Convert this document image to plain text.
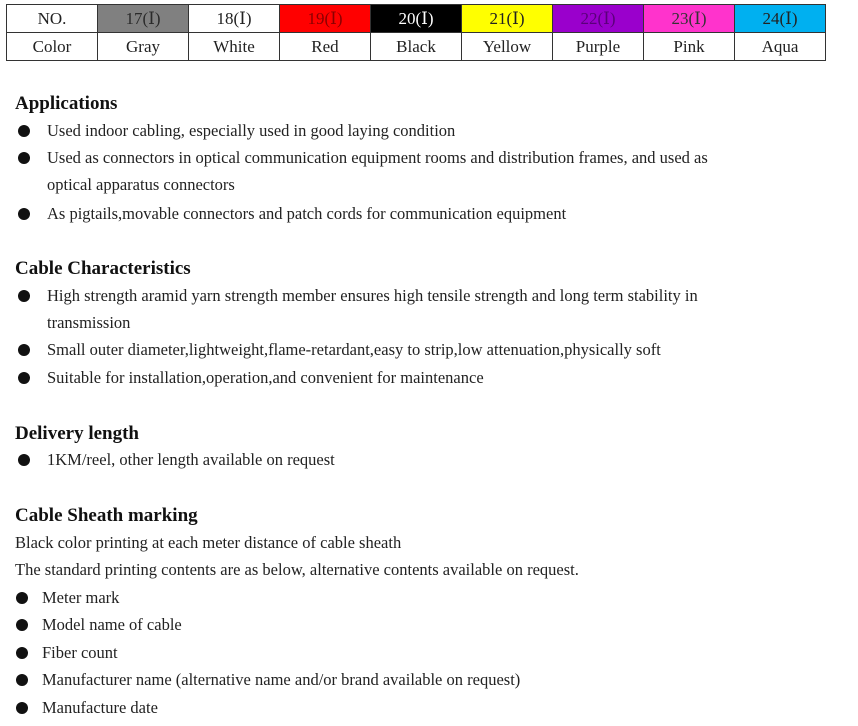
NO.	17(Ⅰ)	18(Ⅰ)	19(Ⅰ)	20(Ⅰ)	21(Ⅰ)	22(Ⅰ)	23(Ⅰ)	24(Ⅰ)
Color	Gray	White	Red	Black	Yellow	Purple	Pink	Aqua
Applications
Used indoor cabling, especially used in good laying condition
Used as connectors in optical communication equipment rooms and distribution frames, and used as
optical apparatus connectors
As pigtails,movable connectors and patch cords for communication equipment
Cable Characteristics
High strength aramid yarn strength member ensures high tensile strength and long term stability in
transmission
Small outer diameter,lightweight,flame-retardant,easy to strip,low attenuation,physically soft
Suitable for installation,operation,and convenient for maintenance
Delivery length
1KM/reel, other length available on request
Cable Sheath marking
Black color printing at each meter distance of cable sheath
The standard printing contents are as below, alternative contents available on request.
Meter mark
Model name of cable
Fiber count
Manufacturer name (alternative name and/or brand available on request)
Manufacture date
